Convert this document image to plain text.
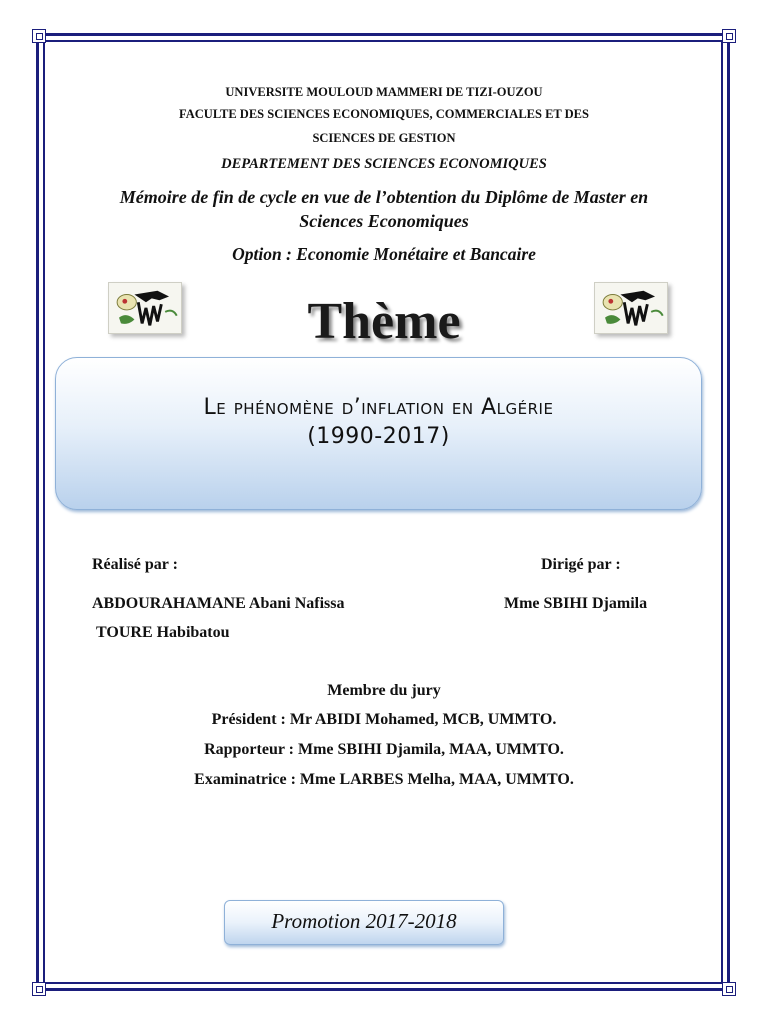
UNIVERSITE MOULOUD MAMMERI DE TIZI-OUZOU
FACULTE DES SCIENCES ECONOMIQUES, COMMERCIALES ET DES
SCIENCES DE GESTION
DEPARTEMENT DES SCIENCES ECONOMIQUES
Mémoire de fin de cycle en vue de l’obtention du Diplôme de Master en
Sciences Economiques
Option : Economie Monétaire et Bancaire
Thème
Le phénomène d’inflation en Algérie
(1990-2017)
Réalisé par :	Dirigé par :
ABDOURAHAMANE Abani Nafissa	Mme SBIHI Djamila
TOURE Habibatou
Membre du jury
Président : Mr ABIDI Mohamed, MCB, UMMTO.
Rapporteur : Mme SBIHI Djamila, MAA, UMMTO.
Examinatrice : Mme LARBES Melha, MAA, UMMTO.
Promotion 2017-2018
